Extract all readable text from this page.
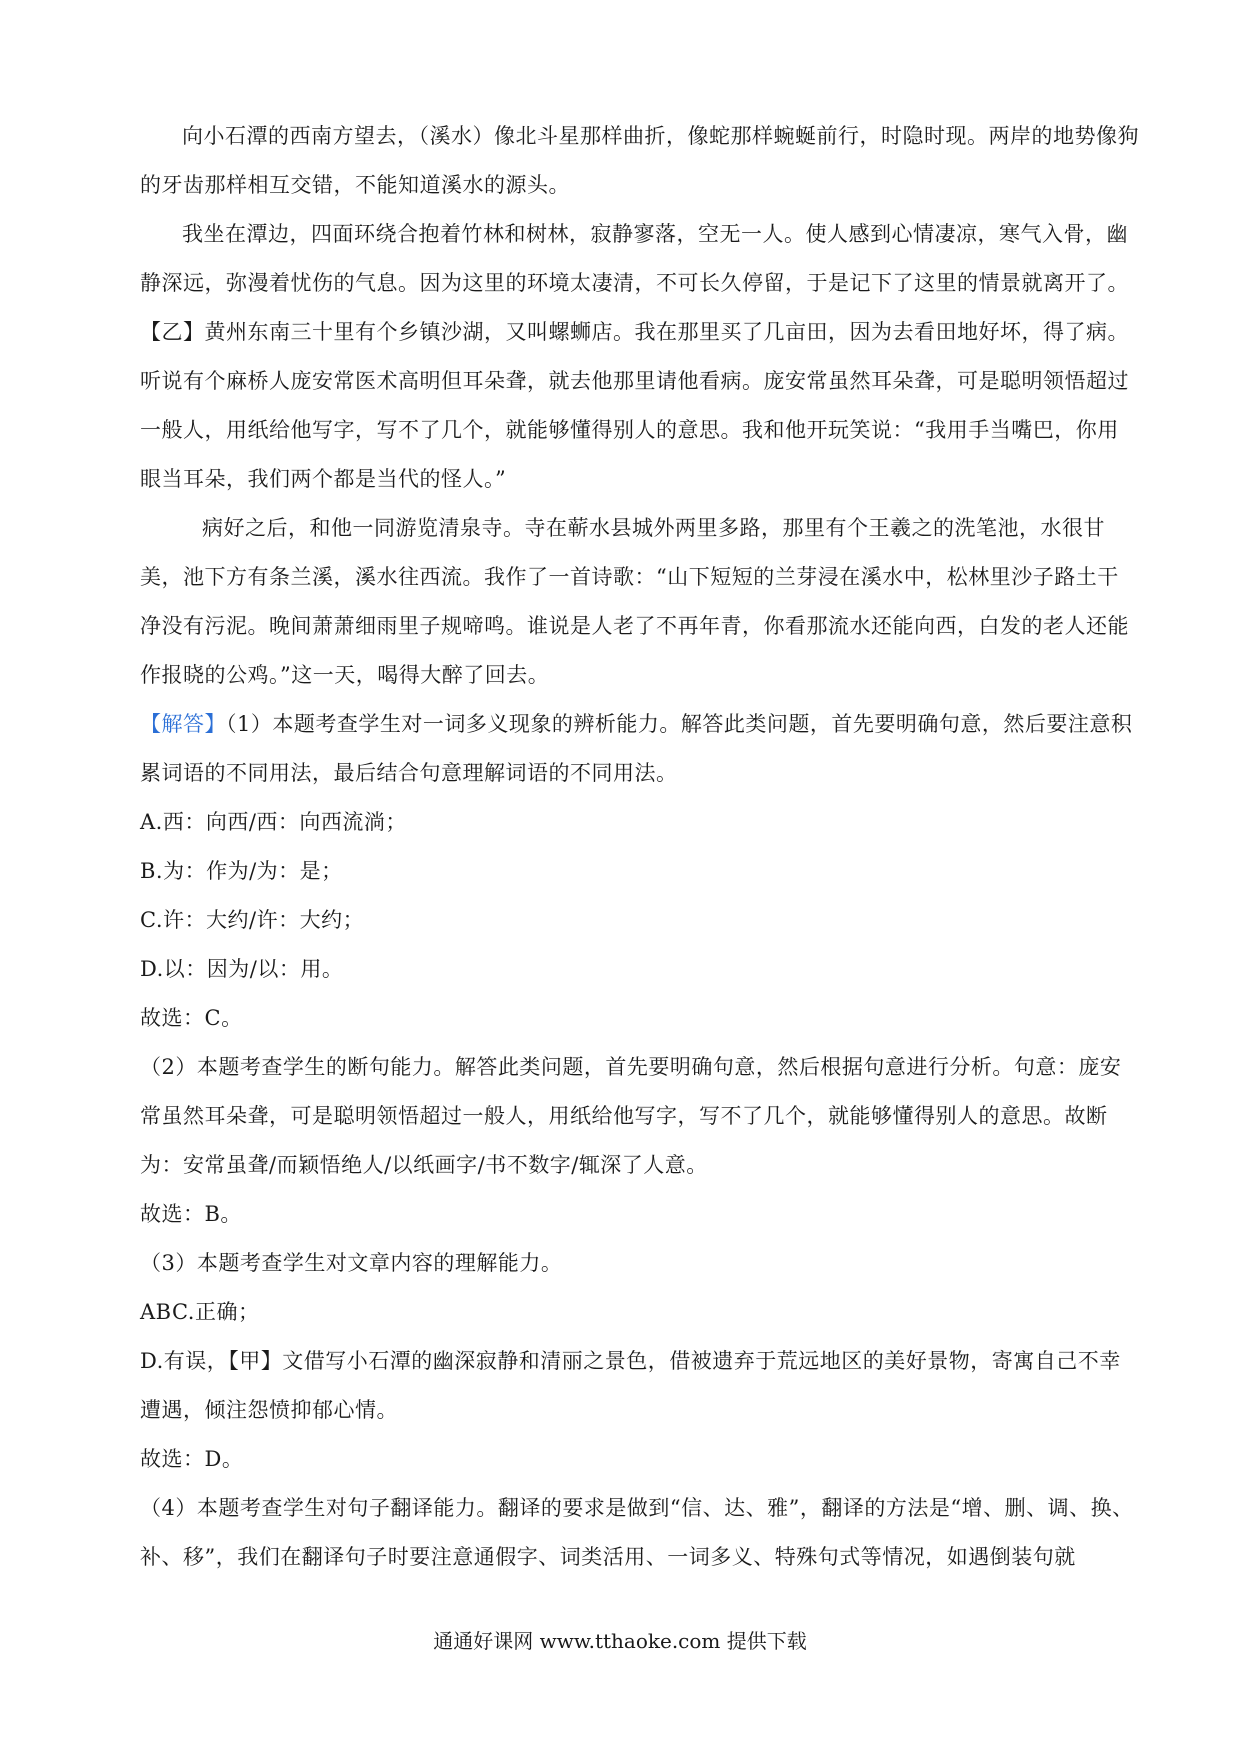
向小石潭的西南方望去，（溪水）像北斗星那样曲折，像蛇那样蜿蜒前行，时隐时现。两岸的地势像狗的牙齿那样相互交错，不能知道溪水的源头。

我坐在潭边，四面环绕合抱着竹林和树林，寂静寥落，空无一人。使人感到心情凄凉，寒气入骨，幽静深远，弥漫着忧伤的气息。因为这里的环境太凄清，不可长久停留，于是记下了这里的情景就离开了。

【乙】黄州东南三十里有个乡镇沙湖，又叫螺蛳店。我在那里买了几亩田，因为去看田地好坏，得了病。听说有个麻桥人庞安常医术高明但耳朵聋，就去他那里请他看病。庞安常虽然耳朵聋，可是聪明领悟超过一般人，用纸给他写字，写不了几个，就能够懂得别人的意思。我和他开玩笑说：“我用手当嘴巴，你用眼当耳朵，我们两个都是当代的怪人。”

病好之后，和他一同游览清泉寺。寺在蕲水县城外两里多路，那里有个王羲之的洗笔池，水很甘美，池下方有条兰溪，溪水往西流。我作了一首诗歌：“山下短短的兰芽浸在溪水中，松林里沙子路土干净没有污泥。晚间萧萧细雨里子规啼鸣。谁说是人老了不再年青，你看那流水还能向西，白发的老人还能作报晓的公鸡。”这一天，喝得大醉了回去。

【解答】（1）本题考查学生对一词多义现象的辨析能力。解答此类问题，首先要明确句意，然后要注意积累词语的不同用法，最后结合句意理解词语的不同用法。

A.西：向西/西：向西流淌；

B.为：作为/为：是；

C.许：大约/许：大约；

D.以：因为/以：用。

故选：C。

（2）本题考查学生的断句能力。解答此类问题，首先要明确句意，然后根据句意进行分析。句意：庞安常虽然耳朵聋，可是聪明领悟超过一般人，用纸给他写字，写不了几个，就能够懂得别人的意思。故断为：安常虽聋/而颖悟绝人/以纸画字/书不数字/辄深了人意。

故选：B。

（3）本题考查学生对文章内容的理解能力。

ABC.正确；

D.有误，【甲】文借写小石潭的幽深寂静和清丽之景色，借被遗弃于荒远地区的美好景物，寄寓自己不幸遭遇，倾注怨愤抑郁心情。

故选：D。

（4）本题考查学生对句子翻译能力。翻译的要求是做到“信、达、雅”，翻译的方法是“增、删、调、换、补、移”，我们在翻译句子时要注意通假字、词类活用、一词多义、特殊句式等情况，如遇倒装句就

通通好课网 www.tthaoke.com 提供下载
